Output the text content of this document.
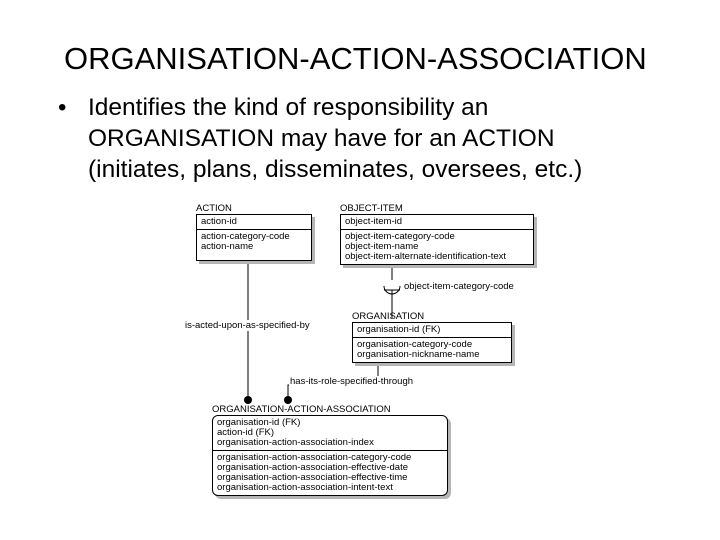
ORGANISATION-ACTION-ASSOCIATION
• Identifies the kind of responsibility an
ORGANISATION may have for an ACTION
(initiates, plans, disseminates, oversees, etc.)
ACTION
action-id
action-category-code
action-name
OBJECT-ITEM
object-item-id
object-item-category-code
object-item-name
object-item-alternate-identification-text
object-item-category-code
ORGANISATION
organisation-id (FK)
organisation-category-code
organisation-nickname-name
is-acted-upon-as-specified-by
has-its-role-specified-through
ORGANISATION-ACTION-ASSOCIATION
organisation-id (FK)
action-id (FK)
organisation-action-association-index
organisation-action-association-category-code
organisation-action-association-effective-date
organisation-action-association-effective-time
organisation-action-association-intent-text
